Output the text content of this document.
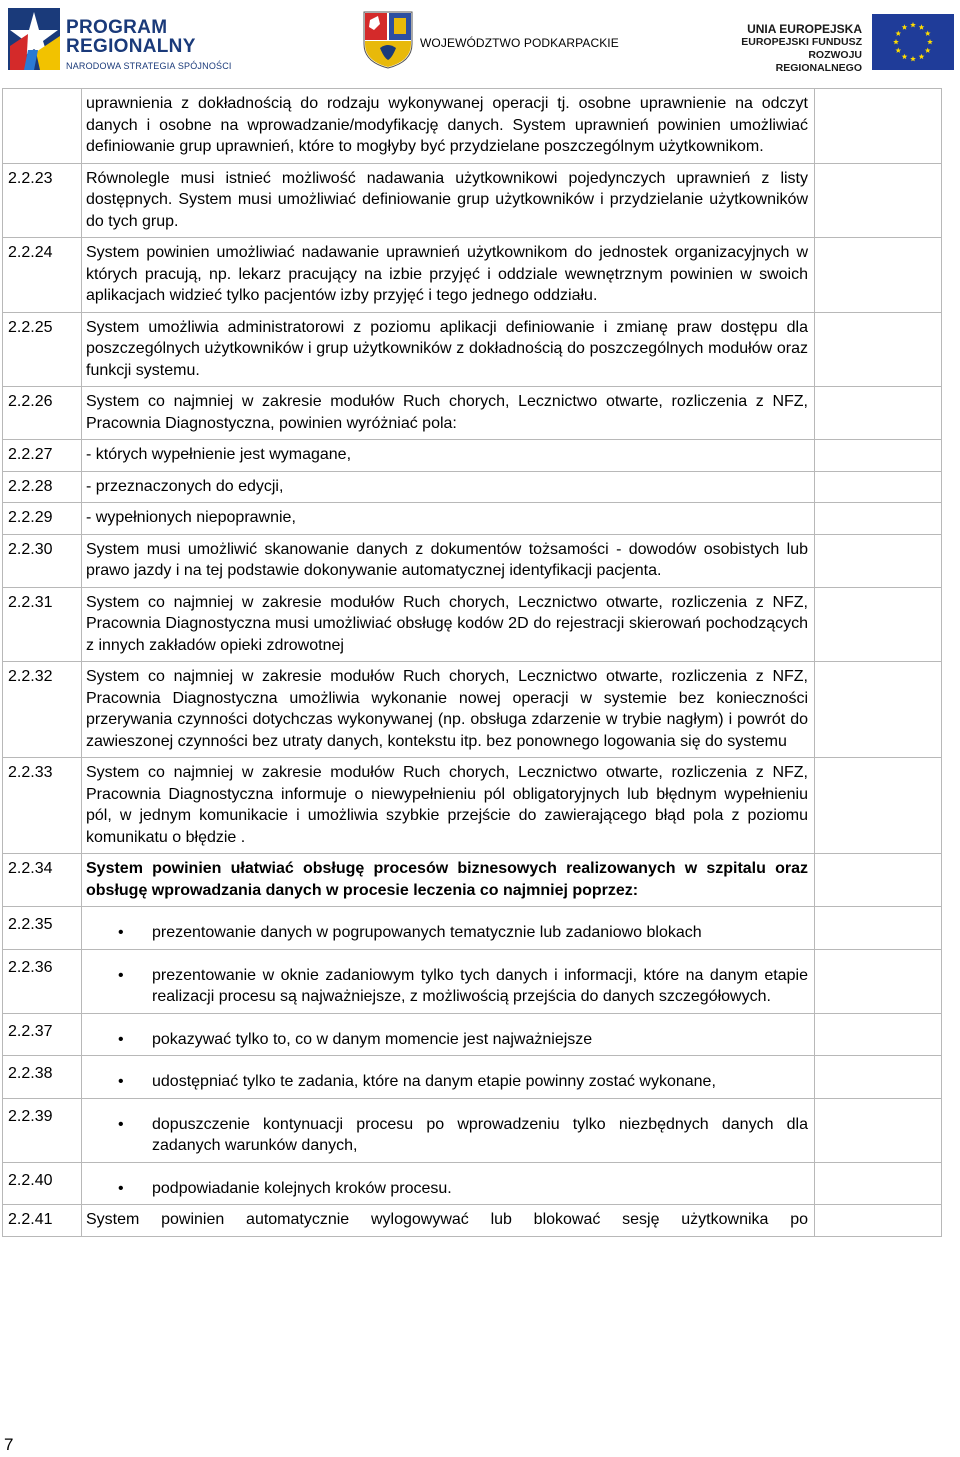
PROGRAM
REGIONALNY
NARODOWA STRATEGIA SPÓJNOŚCI
WOJEWÓDZTWO PODKARPACKIE
UNIA EUROPEJSKA
EUROPEJSKI FUNDUSZ
ROZWOJU REGIONALNEGO
	uprawnienia z dokładnością do rodzaju wykonywanej operacji tj. osobne uprawnienie na odczyt danych i osobne na wprowadzanie/modyfikację danych. System uprawnień powinien umożliwiać definiowanie grup uprawnień, które to mogłyby być przydzielane poszczególnym użytkownikom.	
2.2.23	Równolegle musi istnieć możliwość nadawania użytkownikowi pojedynczych uprawnień z listy dostępnych. System musi umożliwiać definiowanie grup użytkowników i przydzielanie użytkowników do tych grup.	
2.2.24	System powinien umożliwiać nadawanie uprawnień użytkownikom do jednostek organizacyjnych w których pracują, np. lekarz pracujący na izbie przyjęć i oddziale wewnętrznym powinien w swoich aplikacjach widzieć tylko pacjentów izby przyjęć i tego jednego oddziału.	
2.2.25	System umożliwia administratorowi z poziomu aplikacji definiowanie i zmianę praw dostępu dla poszczególnych użytkowników i grup użytkowników z dokładnością do poszczególnych modułów oraz funkcji systemu.	
2.2.26	System co najmniej w zakresie modułów Ruch chorych, Lecznictwo otwarte, rozliczenia z NFZ, Pracownia Diagnostyczna, powinien wyróżniać pola:	
2.2.27	- których wypełnienie jest wymagane,	
2.2.28	- przeznaczonych do edycji,	
2.2.29	- wypełnionych niepoprawnie,	
2.2.30	System musi umożliwić skanowanie danych z dokumentów tożsamości - dowodów osobistych lub prawo jazdy i na tej podstawie dokonywanie automatycznej identyfikacji pacjenta.	
2.2.31	System co najmniej w zakresie modułów Ruch chorych, Lecznictwo otwarte, rozliczenia z NFZ, Pracownia Diagnostyczna musi umożliwiać obsługę kodów 2D do rejestracji skierowań pochodzących z innych zakładów opieki zdrowotnej	
2.2.32	System co najmniej w zakresie modułów Ruch chorych, Lecznictwo otwarte, rozliczenia z NFZ, Pracownia Diagnostyczna umożliwia wykonanie nowej operacji w systemie bez konieczności przerywania czynności dotychczas wykonywanej (np. obsługa zdarzenie w trybie nagłym) i powrót do zawieszonej czynności bez utraty danych, kontekstu itp. bez ponownego logowania się do systemu	
2.2.33	System co najmniej w zakresie modułów Ruch chorych, Lecznictwo otwarte, rozliczenia z NFZ, Pracownia Diagnostyczna informuje o niewypełnieniu pól obligatoryjnych lub błędnym wypełnieniu pól, w jednym komunikacie i umożliwia szybkie przejście do zawierającego błąd pola z poziomu komunikatu o błędzie .	
2.2.34	System powinien ułatwiać obsługę procesów biznesowych realizowanych w szpitalu oraz obsługę wprowadzania danych w procesie leczenia co najmniej poprzez:	
2.2.35	• prezentowanie danych w pogrupowanych tematycznie lub zadaniowo blokach	

2.2.36	• prezentowanie w oknie zadaniowym tylko tych danych i informacji, które na danym etapie realizacji procesu są najważniejsze, z możliwością przejścia do danych szczegółowych.	

2.2.37	• pokazywać tylko to, co w danym momencie jest najważniejsze	

2.2.38	• udostępniać tylko te zadania, które na danym etapie powinny zostać wykonane,	

2.2.39	• dopuszczenie kontynuacji procesu po wprowadzeniu tylko niezbędnych danych dla zadanych warunków danych,	

2.2.40	• podpowiadanie kolejnych kroków procesu.	

2.2.41	System powinien automatycznie wylogowywać lub blokować sesję użytkownika po	
7
